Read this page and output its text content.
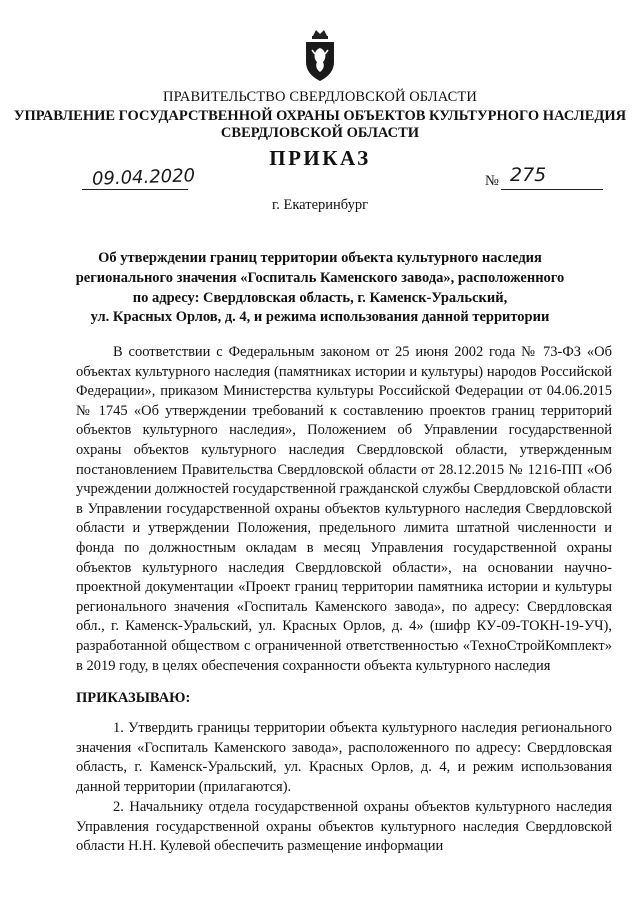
ПРАВИТЕЛЬСТВО СВЕРДЛОВСКОЙ ОБЛАСТИ
УПРАВЛЕНИЕ ГОСУДАРСТВЕННОЙ ОХРАНЫ ОБЪЕКТОВ КУЛЬТУРНОГО НАСЛЕДИЯ
СВЕРДЛОВСКОЙ ОБЛАСТИ
ПРИКАЗ
09.04.2020	№ 275
г. Екатеринбург
Об утверждении границ территории объекта культурного наследия
регионального значения «Госпиталь Каменского завода», расположенного
по адресу: Свердловская область, г. Каменск-Уральский,
ул. Красных Орлов, д. 4, и режима использования данной территории

В соответствии с Федеральным законом от 25 июня 2002 года № 73-ФЗ «Об объектах культурного наследия (памятниках истории и культуры) народов Российской Федерации», приказом Министерства культуры Российской Федерации от 04.06.2015 № 1745 «Об утверждении требований к составлению проектов границ территорий объектов культурного наследия», Положением об Управлении государственной охраны объектов культурного наследия Свердловской области, утвержденным постановлением Правительства Свердловской области от 28.12.2015 № 1216-ПП «Об учреждении должностей государственной гражданской службы Свердловской области в Управлении государственной охраны объектов культурного наследия Свердловской области и утверждении Положения, предельного лимита штатной численности и фонда по должностным окладам в месяц Управления государственной охраны объектов культурного наследия Свердловской области», на основании научно-проектной документации «Проект границ территории памятника истории и культуры регионального значения «Госпиталь Каменского завода», по адресу: Свердловская обл., г. Каменск-Уральский, ул. Красных Орлов, д. 4» (шифр КУ-09-ТОКН-19-УЧ), разработанной обществом с ограниченной ответственностью «ТехноСтройКомплект» в 2019 году, в целях обеспечения сохранности объекта культурного наследия

ПРИКАЗЫВАЮ:

1. Утвердить границы территории объекта культурного наследия регионального значения «Госпиталь Каменского завода», расположенного по адресу: Свердловская область, г. Каменск-Уральский, ул. Красных Орлов, д. 4, и режим использования данной территории (прилагаются).

2. Начальнику отдела государственной охраны объектов культурного наследия Управления государственной охраны объектов культурного наследия Свердловской области Н.Н. Кулевой обеспечить размещение информации
